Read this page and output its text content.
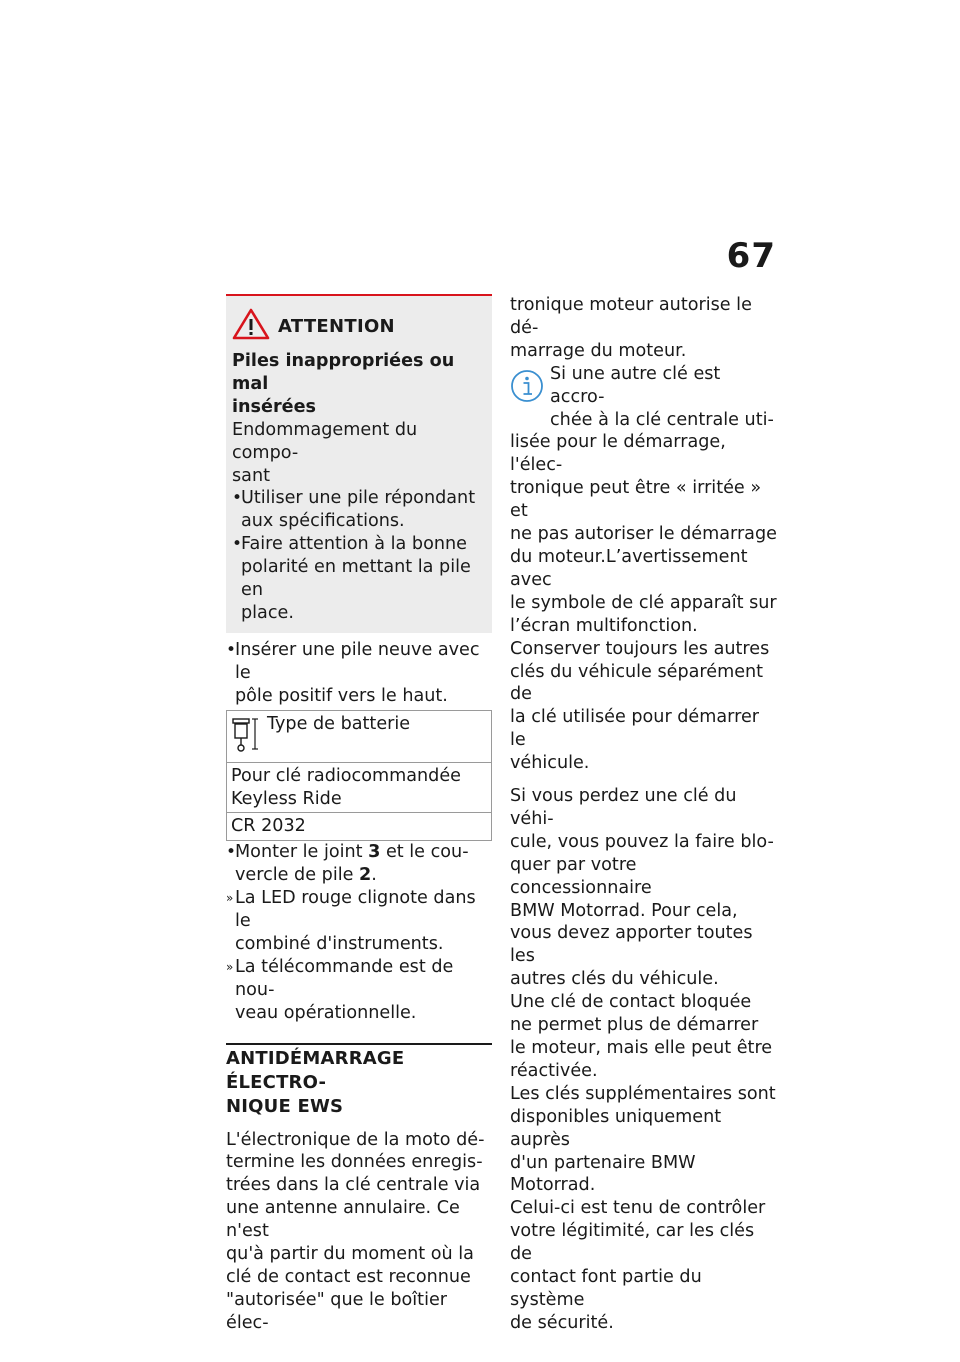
67
ATTENTION
Piles inappropriées ou mal
insérées
Endommagement du compo-
sant
•
Utiliser une pile répondant
aux spécifications.
•
Faire attention à la bonne
polarité en mettant la pile en
place.
•
Insérer une pile neuve avec le
pôle positif vers le haut.
Type de batterie

Pour clé radiocommandée
Keyless Ride

CR 2032
•
Monter le joint 3 et le cou-
vercle de pile 2.
» La LED rouge clignote dans le
combiné d'instruments.
» La télécommande est de nou-
veau opérationnelle.
ANTIDÉMARRAGE ÉLECTRO-
NIQUE EWS
L'électronique de la moto dé-
termine les données enregis-
trées dans la clé centrale via
une antenne annulaire. Ce n'est
qu'à partir du moment où la
clé de contact est reconnue
"autorisée" que le boîtier élec-
tronique moteur autorise le dé-
marrage du moteur.
Si une autre clé est accro-
chée à la clé centrale uti-
lisée pour le démarrage, l'élec-
tronique peut être « irritée » et
ne pas autoriser le démarrage
du moteur.L’avertissement avec
le symbole de clé apparaît sur
l’écran multifonction.
Conserver toujours les autres
clés du véhicule séparément de
la clé utilisée pour démarrer le
véhicule.
Si vous perdez une clé du véhi-
cule, vous pouvez la faire blo-
quer par votre concessionnaire
BMW Motorrad. Pour cela,
vous devez apporter toutes les
autres clés du véhicule.
Une clé de contact bloquée
ne permet plus de démarrer
le moteur, mais elle peut être
réactivée.
Les clés supplémentaires sont
disponibles uniquement auprès
d'un partenaire BMW Motorrad.
Celui-ci est tenu de contrôler
votre légitimité, car les clés de
contact font partie du système
de sécurité.
